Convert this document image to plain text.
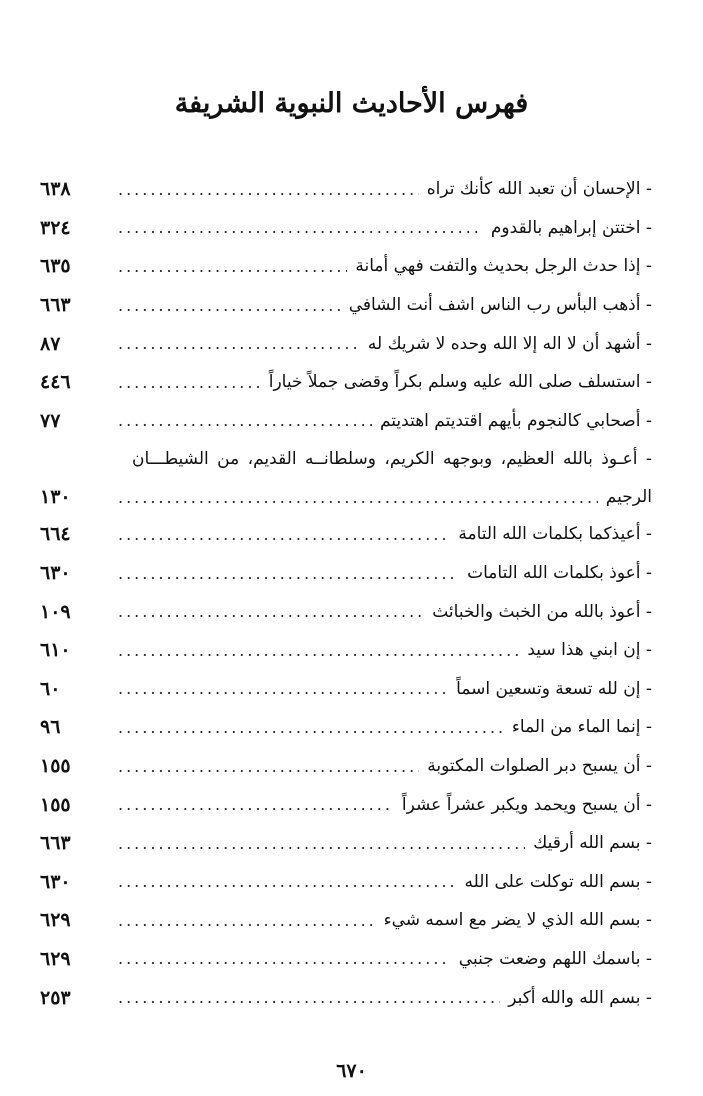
فهرس الأحاديث النبوية الشريفة
- الإحسان أن تعبد الله كأنك تراه
.....
٦٣٨
- اختتن إبراهيم بالقدوم
.....
٣٢٤
- إذا حدث الرجل بحديث والتفت فهي أمانة
.....
٦٣٥
- أذهب البأس رب الناس اشف أنت الشافي
.....
٦٦٣
- أشهد أن لا اله إلا الله وحده لا شريك له
.....
٨٧
- استسلف صلى الله عليه وسلم بكراً وقضى جملاً خياراً
.....
٤٤٦
- أصحابي كالنجوم بأيهم اقتديتم اهتديتم
.....
٧٧
- أعـوذ بالله العظيم، وبوجهه الكريم، وسلطانــه القديم، من الشيطـــان
الرجيم
.....
١٣٠
- أعيذكما بكلمات الله التامة
.....
٦٦٤
- أعوذ بكلمات الله التامات
.....
٦٣٠
- أعوذ بالله من الخبث والخبائث
.....
١٠٩
- إن ابني هذا سيد
.....
٦١٠
- إن لله تسعة وتسعين اسماً
.....
٦٠
- إنما الماء من الماء
.....
٩٦
- أن يسبح دبر الصلوات المكتوبة
.....
١٥٥
- أن يسبح ويحمد ويكبر عشراً عشراً
.....
١٥٥
- بسم الله أرقيك
.....
٦٦٣
- بسم الله توكلت على الله
.....
٦٣٠
- بسم الله الذي لا يضر مع اسمه شيء
.....
٦٢٩
- باسمك اللهم وضعت جنبي
.....
٦٢٩
- بسم الله والله أكبر
.....
٢٥٣
٦٧٠
